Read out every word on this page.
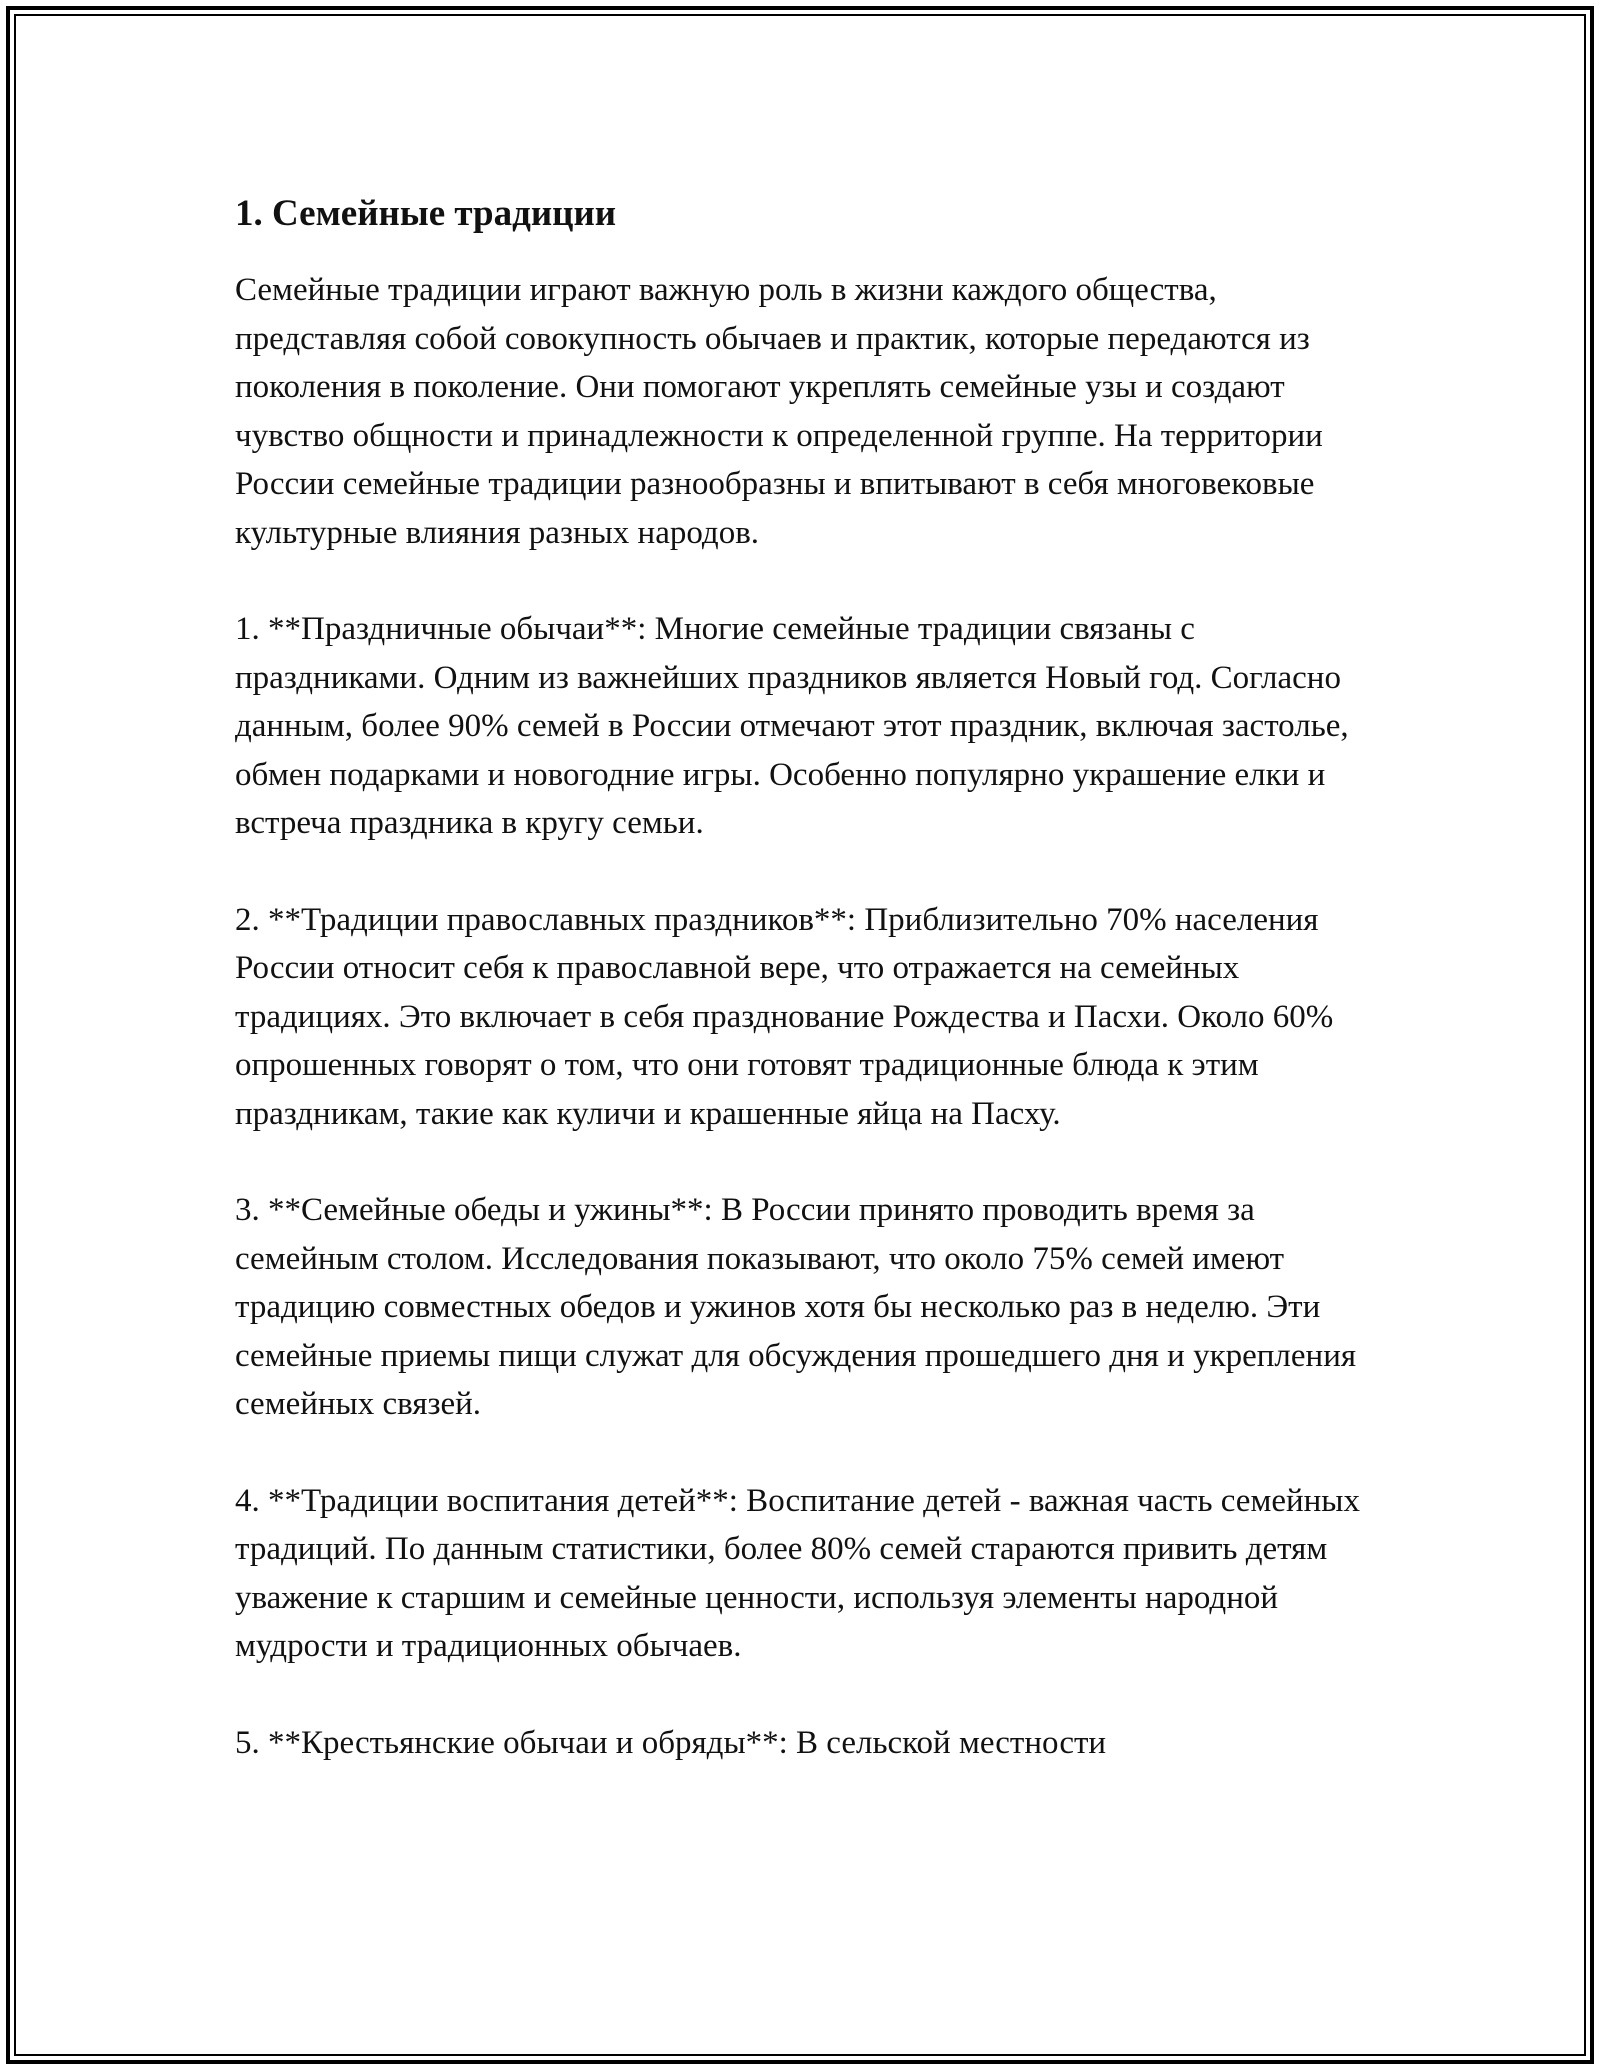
1. Семейные традиции

Семейные традиции играют важную роль в жизни каждого общества, представляя собой совокупность обычаев и практик, которые передаются из поколения в поколение. Они помогают укреплять семейные узы и создают чувство общности и принадлежности к определенной группе. На территории России семейные традиции разнообразны и впитывают в себя многовековые культурные влияния разных народов.

1. **Праздничные обычаи**: Многие семейные традиции связаны с праздниками. Одним из важнейших праздников является Новый год. Согласно данным, более 90% семей в России отмечают этот праздник, включая застолье, обмен подарками и новогодние игры. Особенно популярно украшение елки и встреча праздника в кругу семьи.

2. **Традиции православных праздников**: Приблизительно 70% населения России относит себя к православной вере, что отражается на семейных традициях. Это включает в себя празднование Рождества и Пасхи. Около 60% опрошенных говорят о том, что они готовят традиционные блюда к этим праздникам, такие как куличи и крашенные яйца на Пасху.

3. **Семейные обеды и ужины**: В России принято проводить время за семейным столом. Исследования показывают, что около 75% семей имеют традицию совместных обедов и ужинов хотя бы несколько раз в неделю. Эти семейные приемы пищи служат для обсуждения прошедшего дня и укрепления семейных связей.

4. **Традиции воспитания детей**: Воспитание детей - важная часть семейных традиций. По данным статистики, более 80% семей стараются привить детям уважение к старшим и семейные ценности, используя элементы народной мудрости и традиционных обычаев.

5. **Крестьянские обычаи и обряды**: В сельской местности
